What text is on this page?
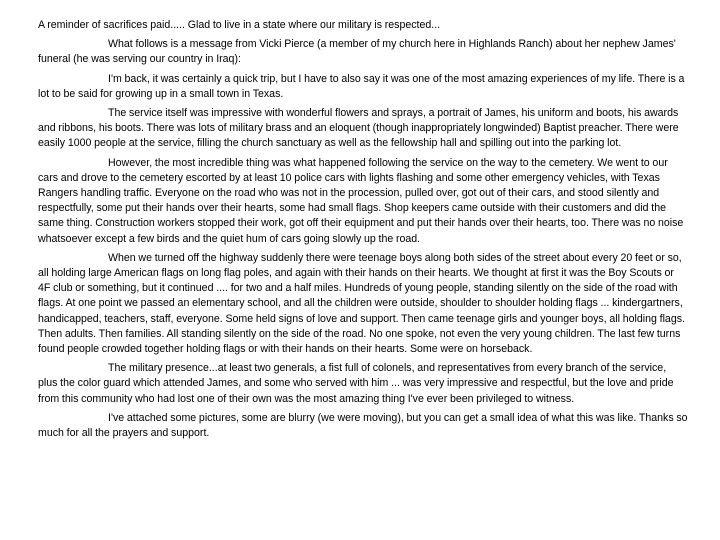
A reminder of sacrifices paid..... Glad to live in a state where our military is respected...

What follows is a message from Vicki Pierce (a member of my church here in Highlands Ranch) about her nephew James' funeral (he was serving our country in Iraq):

I'm back, it was certainly a quick trip, but I have to also say it was one of the most amazing experiences of my life. There is a lot to be said for growing up in a small town in Texas.

The service itself was impressive with wonderful flowers and sprays, a portrait of James, his uniform and boots, his awards and ribbons, his boots. There was lots of military brass and an eloquent (though inappropriately longwinded) Baptist preacher. There were easily 1000 people at the service, filling the church sanctuary as well as the fellowship hall and spilling out into the parking lot.

However, the most incredible thing was what happened following the service on the way to the cemetery. We went to our cars and drove to the cemetery escorted by at least 10 police cars with lights flashing and some other emergency vehicles, with Texas Rangers handling traffic. Everyone on the road who was not in the procession, pulled over, got out of their cars, and stood silently and respectfully, some put their hands over their hearts, some had small flags. Shop keepers came outside with their customers and did the same thing. Construction workers stopped their work, got off their equipment and put their hands over their hearts, too. There was no noise whatsoever except a few birds and the quiet hum of cars going slowly up the road.

When we turned off the highway suddenly there were teenage boys along both sides of the street about every 20 feet or so, all holding large American flags on long flag poles, and again with their hands on their hearts. We thought at first it was the Boy Scouts or 4F club or something, but it continued .... for two and a half miles. Hundreds of young people, standing silently on the side of the road with flags. At one point we passed an elementary school, and all the children were outside, shoulder to shoulder holding flags ... kindergartners, handicapped, teachers, staff, everyone. Some held signs of love and support. Then came teenage girls and younger boys, all holding flags. Then adults. Then families. All standing silently on the side of the road. No one spoke, not even the very young children. The last few turns found people crowded together holding flags or with their hands on their hearts. Some were on horseback.

The military presence...at least two generals, a fist full of colonels, and representatives from every branch of the service, plus the color guard which attended James, and some who served with him ... was very impressive and respectful, but the love and pride from this community who had lost one of their own was the most amazing thing I've ever been privileged to witness.

I've attached some pictures, some are blurry (we were moving), but you can get a small idea of what this was like. Thanks so much for all the prayers and support.
